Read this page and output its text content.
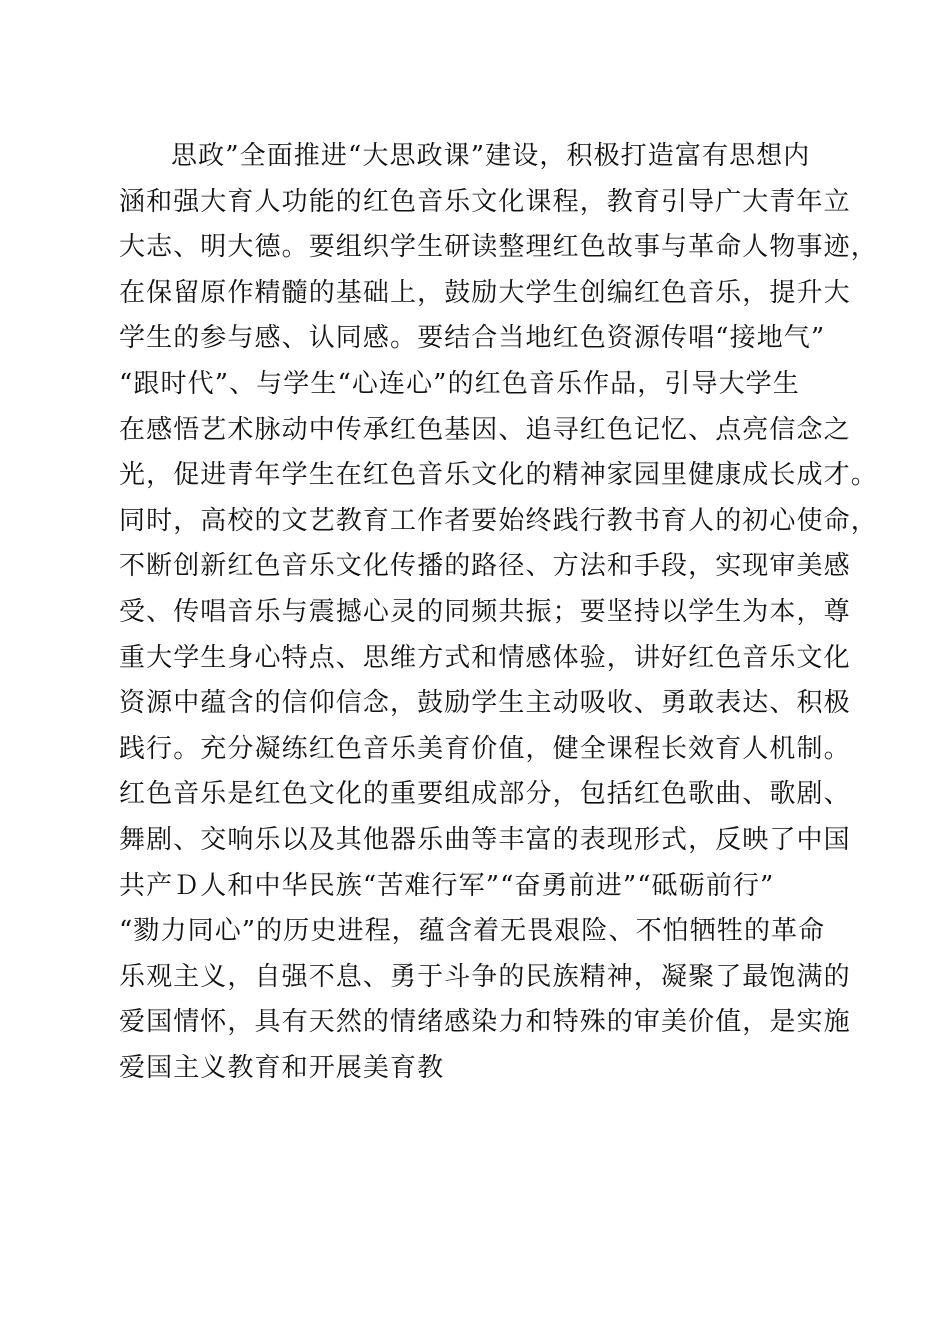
思政”全面推进“大思政课”建设，积极打造富有思想内
涵和强大育人功能的红色音乐文化课程，教育引导广大青年立
大志、明大德。要组织学生研读整理红色故事与革命人物事迹，
在保留原作精髓的基础上，鼓励大学生创编红色音乐，提升大
学生的参与感、认同感。要结合当地红色资源传唱“接地气”
“跟时代”、与学生“心连心”的红色音乐作品，引导大学生
在感悟艺术脉动中传承红色基因、追寻红色记忆、点亮信念之
光，促进青年学生在红色音乐文化的精神家园里健康成长成才。
同时，高校的文艺教育工作者要始终践行教书育人的初心使命，
不断创新红色音乐文化传播的路径、方法和手段，实现审美感
受、传唱音乐与震撼心灵的同频共振；要坚持以学生为本，尊
重大学生身心特点、思维方式和情感体验，讲好红色音乐文化
资源中蕴含的信仰信念，鼓励学生主动吸收、勇敢表达、积极
践行。充分凝练红色音乐美育价值，健全课程长效育人机制。
红色音乐是红色文化的重要组成部分，包括红色歌曲、歌剧、
舞剧、交响乐以及其他器乐曲等丰富的表现形式，反映了中国
共产Ｄ人和中华民族“苦难行军”“奋勇前进”“砥砺前行”
“勠力同心”的历史进程，蕴含着无畏艰险、不怕牺牲的革命
乐观主义，自强不息、勇于斗争的民族精神，凝聚了最饱满的
爱国情怀，具有天然的情绪感染力和特殊的审美价值，是实施
爱国主义教育和开展美育教
